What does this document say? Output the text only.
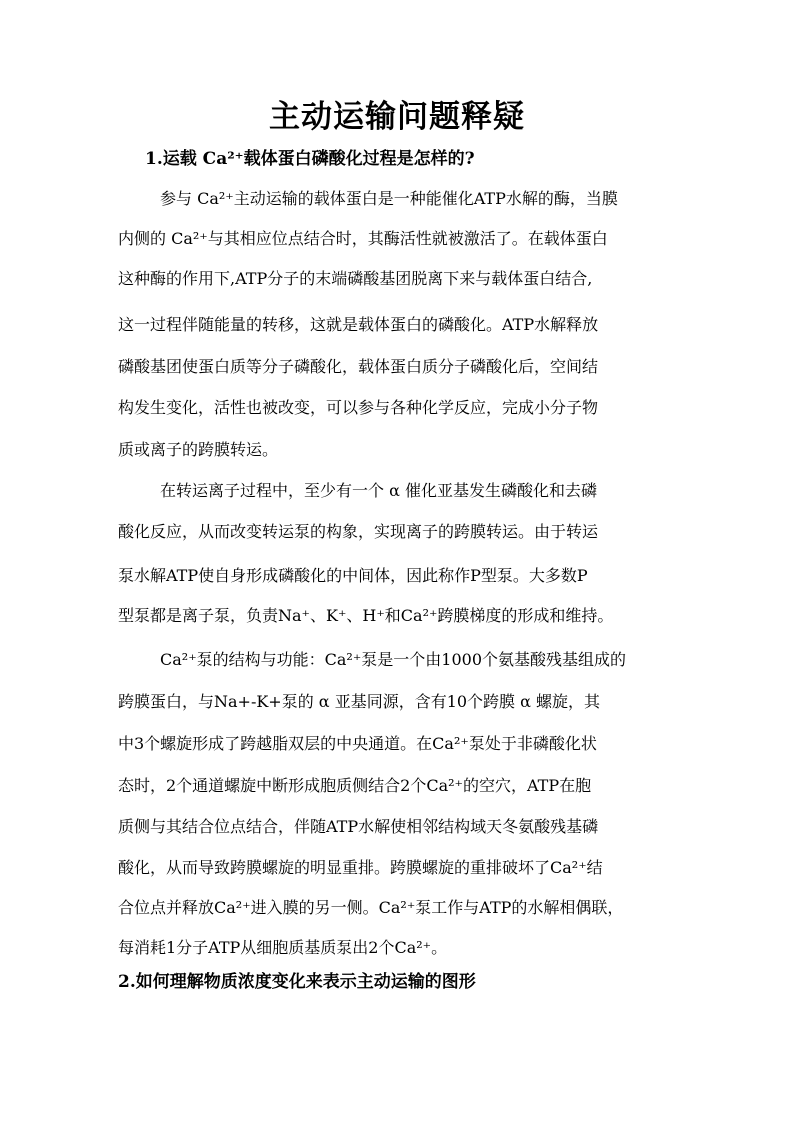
主动运输问题释疑
1.运载 Ca²⁺载体蛋白磷酸化过程是怎样的?
参与 Ca²⁺主动运输的载体蛋白是一种能催化ATP水解的酶，当膜
内侧的 Ca²⁺与其相应位点结合时，其酶活性就被激活了。在载体蛋白
这种酶的作用下,ATP分子的末端磷酸基团脱离下来与载体蛋白结合,
这一过程伴随能量的转移，这就是载体蛋白的磷酸化。ATP水解释放
磷酸基团使蛋白质等分子磷酸化，载体蛋白质分子磷酸化后，空间结
构发生变化，活性也被改变，可以参与各种化学反应，完成小分子物
质或离子的跨膜转运。
在转运离子过程中，至少有一个 α 催化亚基发生磷酸化和去磷
酸化反应，从而改变转运泵的构象，实现离子的跨膜转运。由于转运
泵水解ATP使自身形成磷酸化的中间体，因此称作P型泵。大多数P
型泵都是离子泵，负责Na⁺、K⁺、H⁺和Ca²⁺跨膜梯度的形成和维持。
Ca²⁺泵的结构与功能：Ca²⁺泵是一个由1000个氨基酸残基组成的
跨膜蛋白，与Na+-K+泵的 α 亚基同源，含有10个跨膜 α 螺旋，其
中3个螺旋形成了跨越脂双层的中央通道。在Ca²⁺泵处于非磷酸化状
态时，2个通道螺旋中断形成胞质侧结合2个Ca²⁺的空穴，ATP在胞
质侧与其结合位点结合，伴随ATP水解使相邻结构域天冬氨酸残基磷
酸化，从而导致跨膜螺旋的明显重排。跨膜螺旋的重排破坏了Ca²⁺结
合位点并释放Ca²⁺进入膜的另一侧。Ca²⁺泵工作与ATP的水解相偶联，
每消耗1分子ATP从细胞质基质泵出2个Ca²⁺。
2.如何理解物质浓度变化来表示主动运输的图形
